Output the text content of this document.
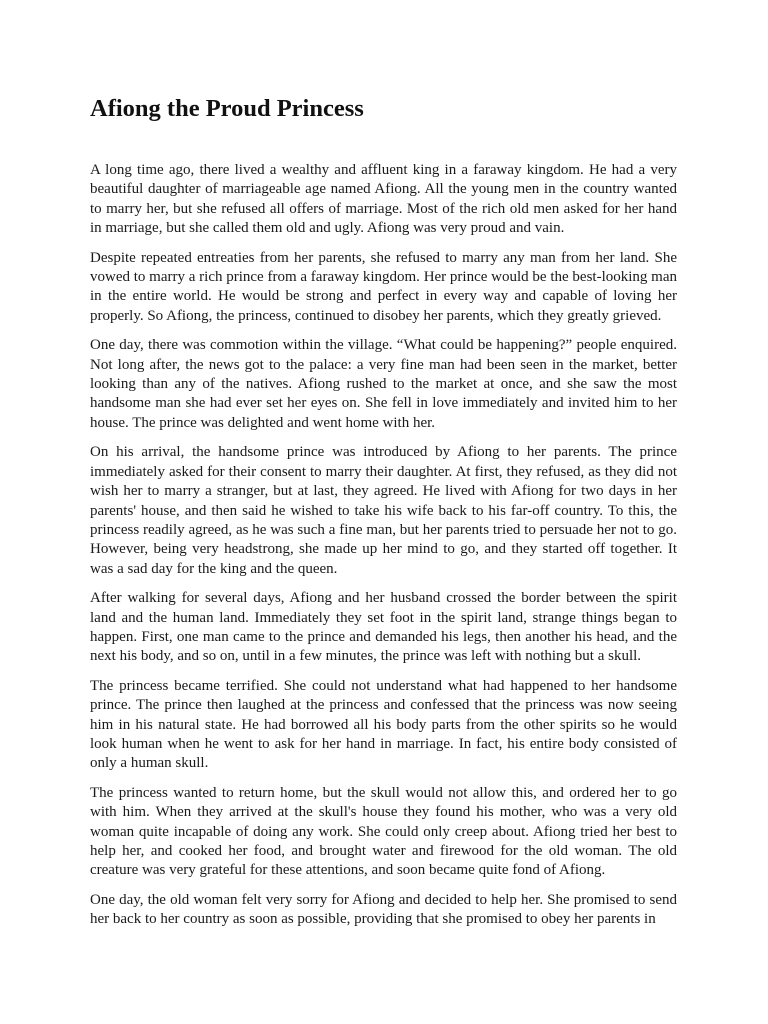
Afiong the Proud Princess

A long time ago, there lived a wealthy and affluent king in a faraway kingdom. He had a very beautiful daughter of marriageable age named Afiong. All the young men in the country wanted to marry her, but she refused all offers of marriage. Most of the rich old men asked for her hand in marriage, but she called them old and ugly. Afiong was very proud and vain.

Despite repeated entreaties from her parents, she refused to marry any man from her land. She vowed to marry a rich prince from a faraway kingdom. Her prince would be the best-looking man in the entire world. He would be strong and perfect in every way and capable of loving her properly. So Afiong, the princess, continued to disobey her parents, which they greatly grieved.

One day, there was commotion within the village. “What could be happening?” people enquired. Not long after, the news got to the palace: a very fine man had been seen in the market, better looking than any of the natives. Afiong rushed to the market at once, and she saw the most handsome man she had ever set her eyes on. She fell in love immediately and invited him to her house. The prince was delighted and went home with her.

On his arrival, the handsome prince was introduced by Afiong to her parents. The prince immediately asked for their consent to marry their daughter. At first, they refused, as they did not wish her to marry a stranger, but at last, they agreed. He lived with Afiong for two days in her parents' house, and then said he wished to take his wife back to his far-off country. To this, the princess readily agreed, as he was such a fine man, but her parents tried to persuade her not to go. However, being very headstrong, she made up her mind to go, and they started off together. It was a sad day for the king and the queen.

After walking for several days, Afiong and her husband crossed the border between the spirit land and the human land. Immediately they set foot in the spirit land, strange things began to happen. First, one man came to the prince and demanded his legs, then another his head, and the next his body, and so on, until in a few minutes, the prince was left with nothing but a skull.

The princess became terrified. She could not understand what had happened to her handsome prince. The prince then laughed at the princess and confessed that the princess was now seeing him in his natural state. He had borrowed all his body parts from the other spirits so he would look human when he went to ask for her hand in marriage. In fact, his entire body consisted of only a human skull.

The princess wanted to return home, but the skull would not allow this, and ordered her to go with him. When they arrived at the skull's house they found his mother, who was a very old woman quite incapable of doing any work. She could only creep about. Afiong tried her best to help her, and cooked her food, and brought water and firewood for the old woman. The old creature was very grateful for these attentions, and soon became quite fond of Afiong.

One day, the old woman felt very sorry for Afiong and decided to help her. She promised to send her back to her country as soon as possible, providing that she promised to obey her parents in
